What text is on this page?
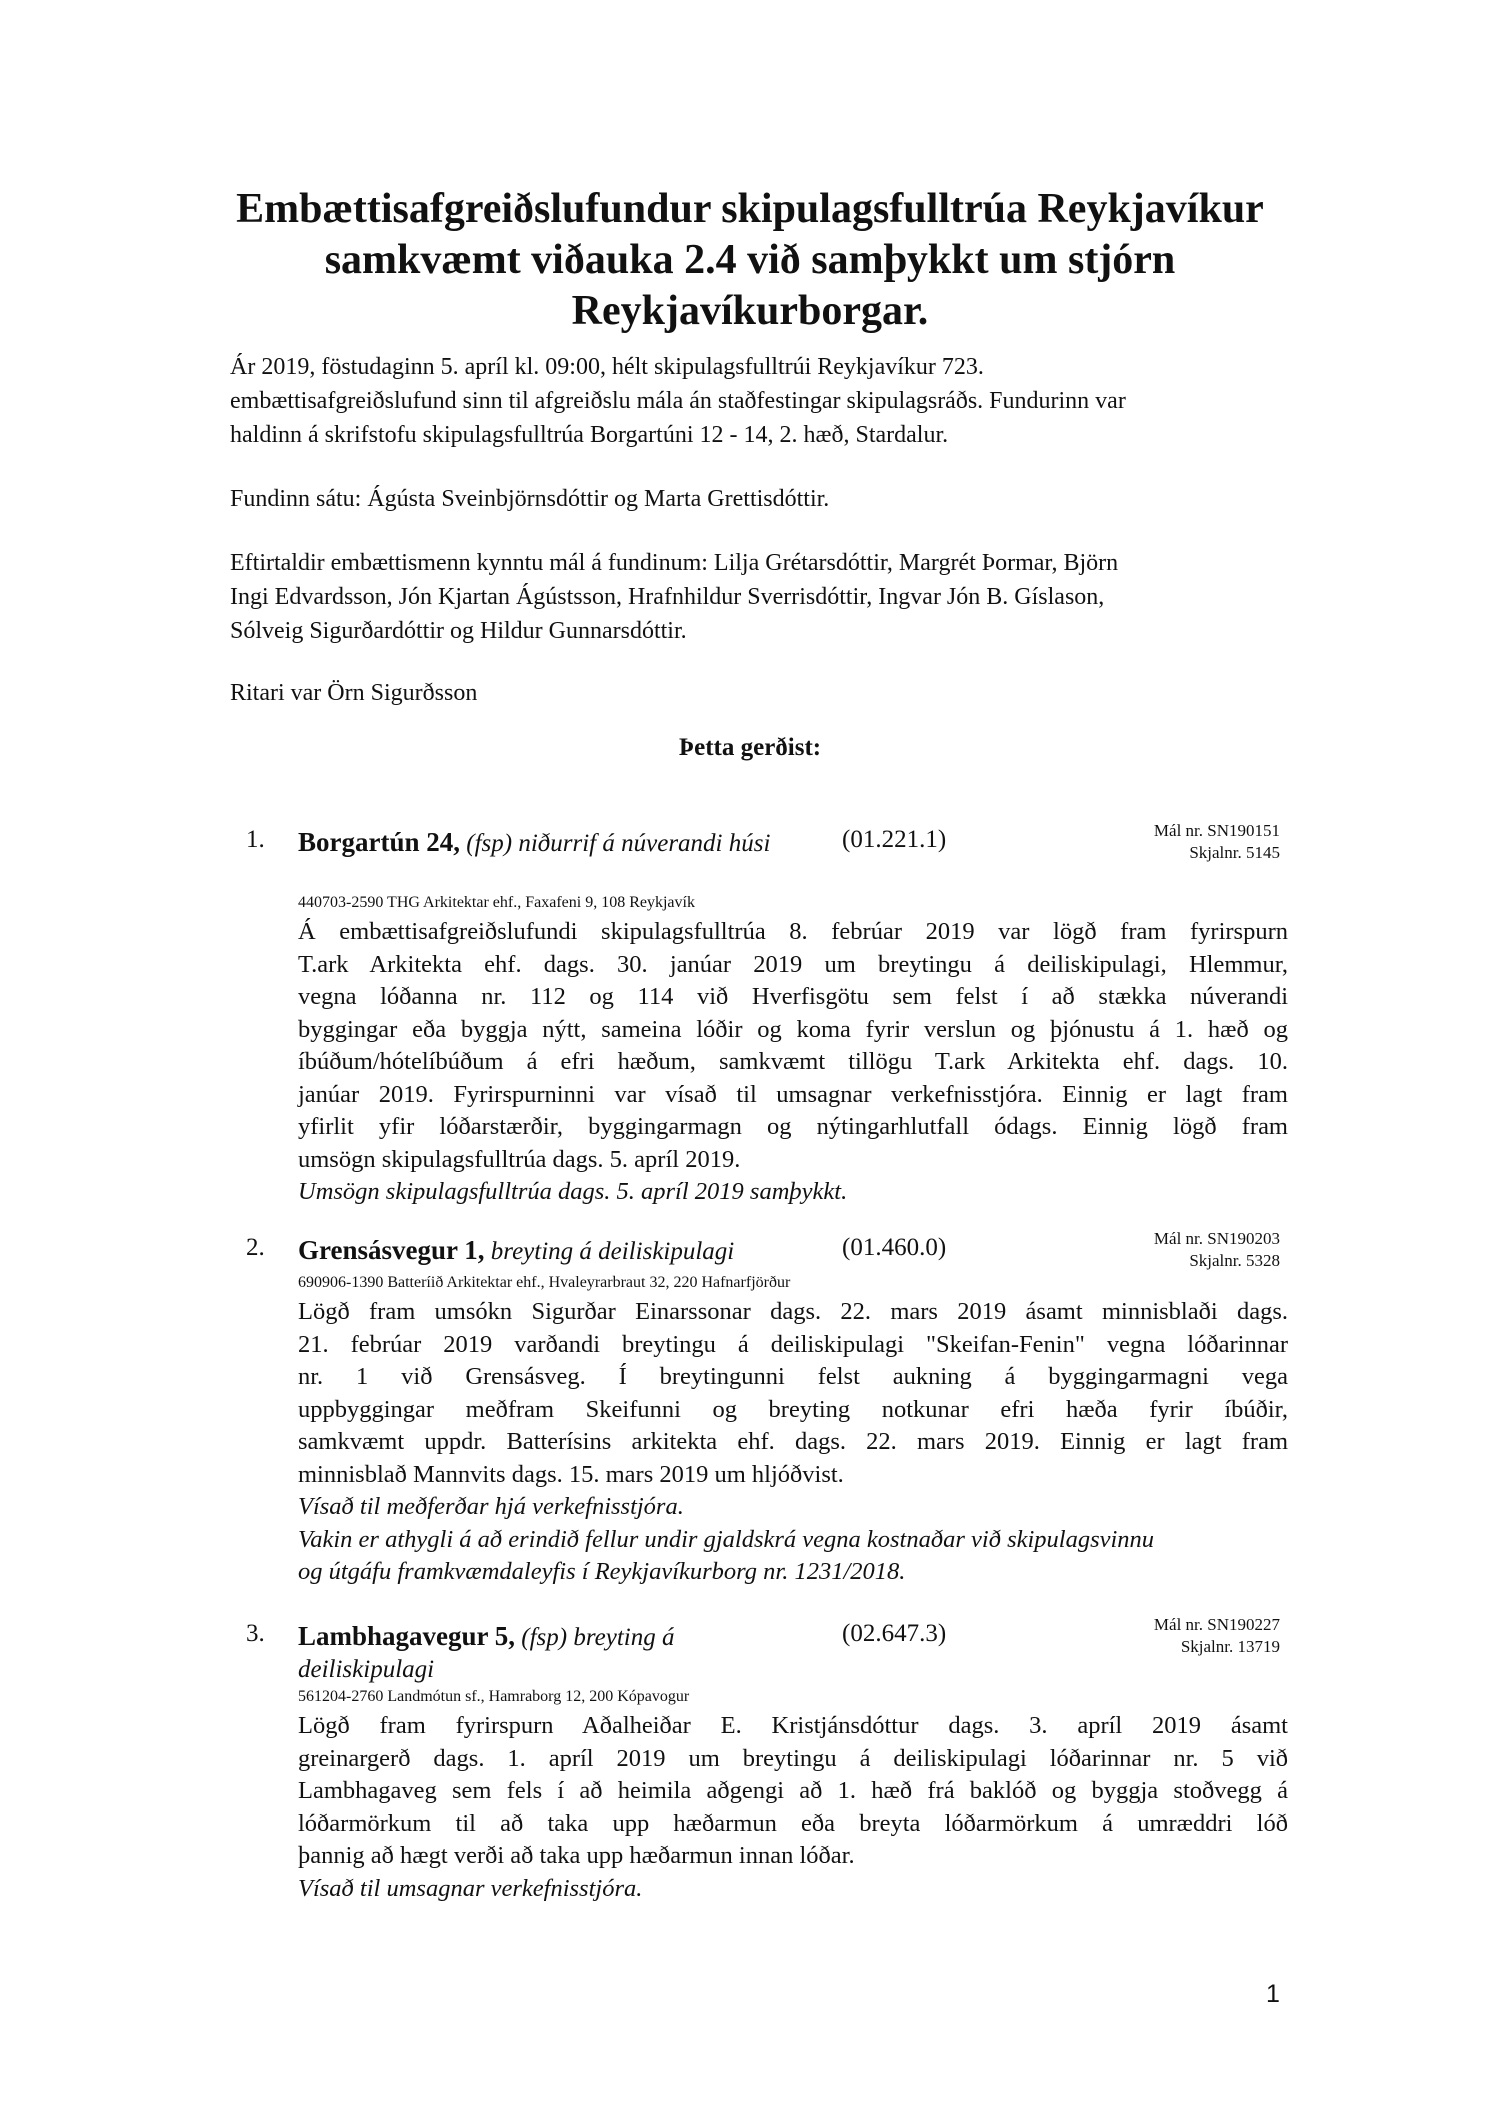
Embættisafgreiðslufundur skipulagsfulltrúa Reykjavíkur
samkvæmt viðauka 2.4 við samþykkt um stjórn
Reykjavíkurborgar.
Ár 2019, föstudaginn 5. apríl kl. 09:00, hélt skipulagsfulltrúi Reykjavíkur 723.
embættisafgreiðslufund sinn til afgreiðslu mála án staðfestingar skipulagsráðs. Fundurinn var
haldinn á skrifstofu skipulagsfulltrúa Borgartúni 12 - 14, 2. hæð, Stardalur.
Fundinn sátu: Ágústa Sveinbjörnsdóttir og Marta Grettisdóttir.
Eftirtaldir embættismenn kynntu mál á fundinum: Lilja Grétarsdóttir, Margrét Þormar, Björn
Ingi Edvardsson, Jón Kjartan Ágústsson, Hrafnhildur Sverrisdóttir, Ingvar Jón B. Gíslason,
Sólveig Sigurðardóttir og Hildur Gunnarsdóttir.
Ritari var Örn Sigurðsson
Þetta gerðist:
1. Borgartún 24, (fsp) niðurrif á núverandi húsi	(01.221.1)	Mál nr. SN190151
Skjalnr. 5145
440703-2590 THG Arkitektar ehf., Faxafeni 9, 108 Reykjavík
Á embættisafgreiðslufundi skipulagsfulltrúa 8. febrúar 2019 var lögð fram fyrirspurn
T.ark Arkitekta ehf. dags. 30. janúar 2019 um breytingu á deiliskipulagi, Hlemmur,
vegna lóðanna nr. 112 og 114 við Hverfisgötu sem felst í að stækka núverandi
byggingar eða byggja nýtt, sameina lóðir og koma fyrir verslun og þjónustu á 1. hæð og
íbúðum/hótelíbúðum á efri hæðum, samkvæmt tillögu T.ark Arkitekta ehf. dags. 10.
janúar 2019. Fyrirspurninni var vísað til umsagnar verkefnisstjóra. Einnig er lagt fram
yfirlit yfir lóðarstærðir, byggingarmagn og nýtingarhlutfall ódags. Einnig lögð fram
umsögn skipulagsfulltrúa dags. 5. apríl 2019.
Umsögn skipulagsfulltrúa dags. 5. apríl 2019 samþykkt.
2. Grensásvegur 1, breyting á deiliskipulagi	(01.460.0)	Mál nr. SN190203
Skjalnr. 5328
690906-1390 Batteríið Arkitektar ehf., Hvaleyrarbraut 32, 220 Hafnarfjörður
Lögð fram umsókn Sigurðar Einarssonar dags. 22. mars 2019 ásamt minnisblaði dags.
21. febrúar 2019 varðandi breytingu á deiliskipulagi "Skeifan-Fenin" vegna lóðarinnar
nr. 1 við Grensásveg. Í breytingunni felst aukning á byggingarmagni vega
uppbyggingar meðfram Skeifunni og breyting notkunar efri hæða fyrir íbúðir,
samkvæmt uppdr. Batterísins arkitekta ehf. dags. 22. mars 2019. Einnig er lagt fram
minnisblað Mannvits dags. 15. mars 2019 um hljóðvist.
Vísað til meðferðar hjá verkefnisstjóra.
Vakin er athygli á að erindið fellur undir gjaldskrá vegna kostnaðar við skipulagsvinnu
og útgáfu framkvæmdaleyfis í Reykjavíkurborg nr. 1231/2018.
3. Lambhagavegur 5, (fsp) breyting á deiliskipulagi
(02.647.3)	Mál nr. SN190227
Skjalnr. 13719
561204-2760 Landmótun sf., Hamraborg 12, 200 Kópavogur
Lögð fram fyrirspurn Aðalheiðar E. Kristjánsdóttur dags. 3. apríl 2019 ásamt
greinargerð dags. 1. apríl 2019 um breytingu á deiliskipulagi lóðarinnar nr. 5 við
Lambhagaveg sem fels í að heimila aðgengi að 1. hæð frá baklóð og byggja stoðvegg á
lóðarmörkum til að taka upp hæðarmun eða breyta lóðarmörkum á umræddri lóð
þannig að hægt verði að taka upp hæðarmun innan lóðar.
Vísað til umsagnar verkefnisstjóra.
1
